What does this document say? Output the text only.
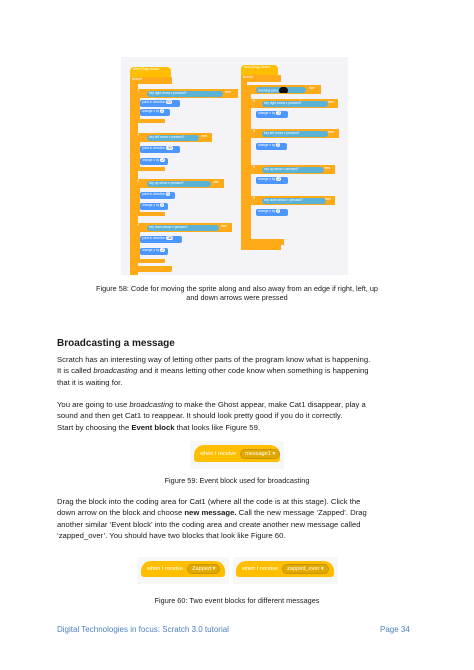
when [flag] clicked
forever
if	key right arrow ▾ pressed?	then
point in direction 90
change x by 2
if	key left arrow ▾ pressed?	then
point in direction -90
change x by -2
if	key up arrow ▾ pressed?	then
point in direction 0
change y by 2
if	key down arrow ▾ pressed?	then
point in direction 180
change y by -2
when [flag] clicked
forever
touching color	then
if	key right arrow ▾ pressed?	then
change x by -2
if	key left arrow ▾ pressed?	then
change x by 2
if	key up arrow ▾ pressed?	then
change y by -2
if	key down arrow ▾ pressed?	then
change y by 2
Figure 58: Code for moving the sprite along and also away from an edge if right, left, up
and down arrows were pressed
Broadcasting a message
Scratch has an interesting way of letting other parts of the program know what is happening.
It is called broadcasting and it means letting other code know when something is happening
that it is waiting for.
You are going to use broadcasting to make the Ghost appear, make Cat1 disappear, play a
sound and then get Cat1 to reappear. It should look pretty good if you do it correctly.
Start by choosing the Event block that looks like Figure 59.
when I receive	message1 ▾
Figure 59: Event block used for broadcasting
Drag the block into the coding area for Cat1 (where all the code is at this stage). Click the
down arrow on the block and choose new message. Call the new message ‘Zapped’. Drag
another similar ‘Event block’ into the coding area and create another new message called
‘zapped_over’. You should have two blocks that look like Figure 60.
when I receive	Zapped ▾	when I receive	zapped_over ▾
Figure 60: Two event blocks for different messages
Digital Technologies in focus: Scratch 3.0 tutorial	Page 34
